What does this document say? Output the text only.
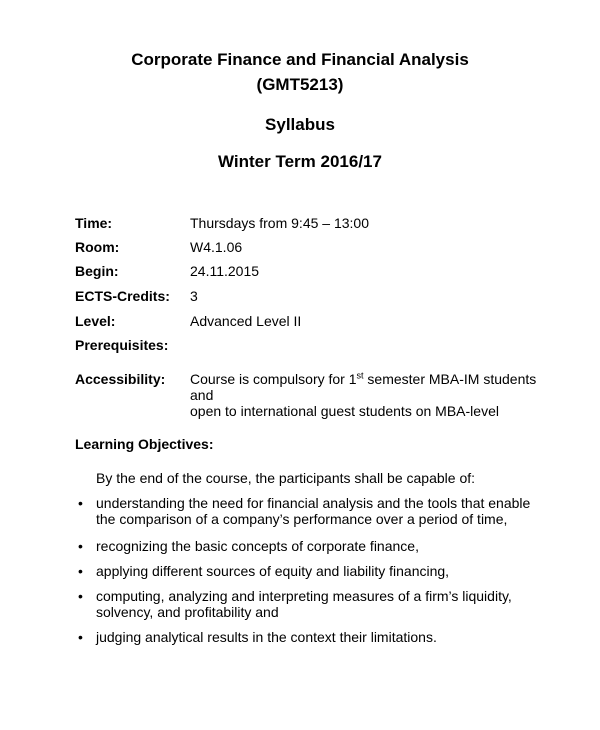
Corporate Finance and Financial Analysis
(GMT5213)
Syllabus
Winter Term 2016/17
Time:	Thursdays from 9:45 – 13:00
Room:	W4.1.06
Begin:	24.11.2015
ECTS-Credits: 3
Level:	Advanced Level II
Prerequisites:
Accessibility: Course is compulsory for 1st semester MBA-IM students and
open to international guest students on MBA-level
Learning Objectives:
By the end of the course, the participants shall be capable of:
• understanding the need for financial analysis and the tools that enable the comparison of a company’s performance over a period of time,
• recognizing the basic concepts of corporate finance,
• applying different sources of equity and liability financing,
• computing, analyzing and interpreting measures of a firm’s liquidity, solvency, and profitability and
• judging analytical results in the context their limitations.
